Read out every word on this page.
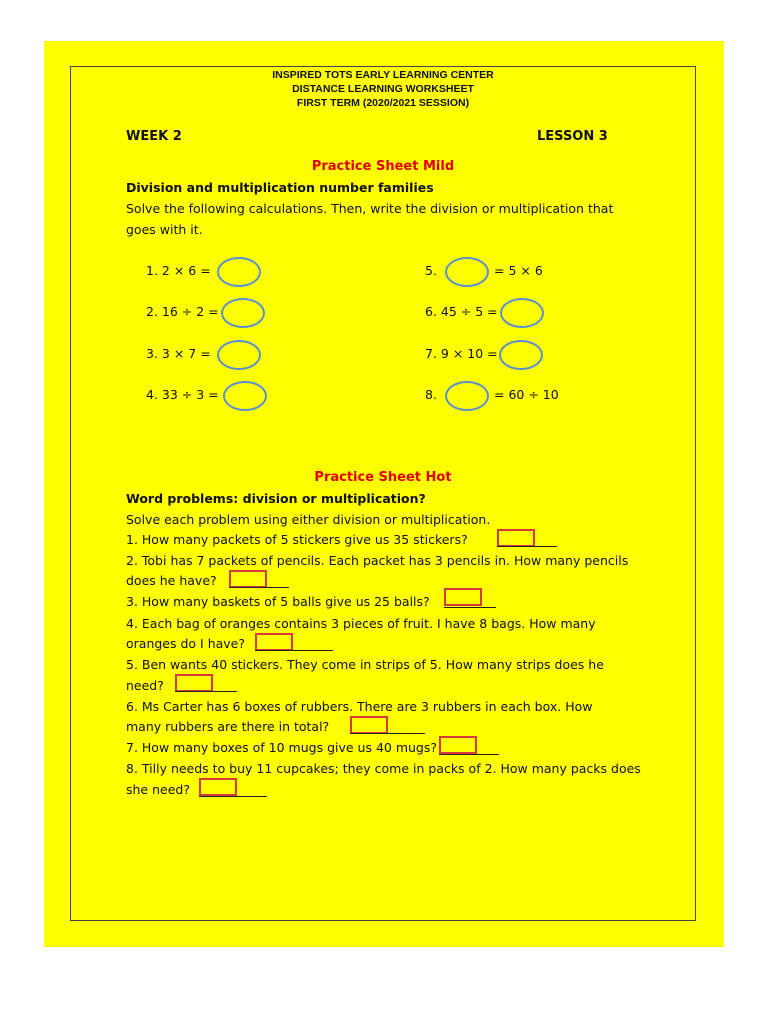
INSPIRED TOTS EARLY LEARNING CENTER
DISTANCE LEARNING WORKSHEET
FIRST TERM (2020/2021 SESSION)
WEEK 2	LESSON 3
Practice Sheet Mild
Division and multiplication number families
Solve the following calculations. Then, write the division or multiplication that
goes with it.
1. 2 × 6 =
2. 16 ÷ 2 =
3. 3 × 7 =
4. 33 ÷ 3 =
5.	= 5 × 6
6. 45 ÷ 5 =
7. 9 × 10 =
8.	= 60 ÷ 10
Practice Sheet Hot
Word problems: division or multiplication?
Solve each problem using either division or multiplication.
1. How many packets of 5 stickers give us 35 stickers?
2. Tobi has 7 packets of pencils. Each packet has 3 pencils in. How many pencils
does he have?
3. How many baskets of 5 balls give us 25 balls?
4. Each bag of oranges contains 3 pieces of fruit. I have 8 bags. How many
oranges do I have?
5. Ben wants 40 stickers. They come in strips of 5. How many strips does he
need?
6. Ms Carter has 6 boxes of rubbers. There are 3 rubbers in each box. How
many rubbers are there in total?
7. How many boxes of 10 mugs give us 40 mugs?
8. Tilly needs to buy 11 cupcakes; they come in packs of 2. How many packs does
she need?
